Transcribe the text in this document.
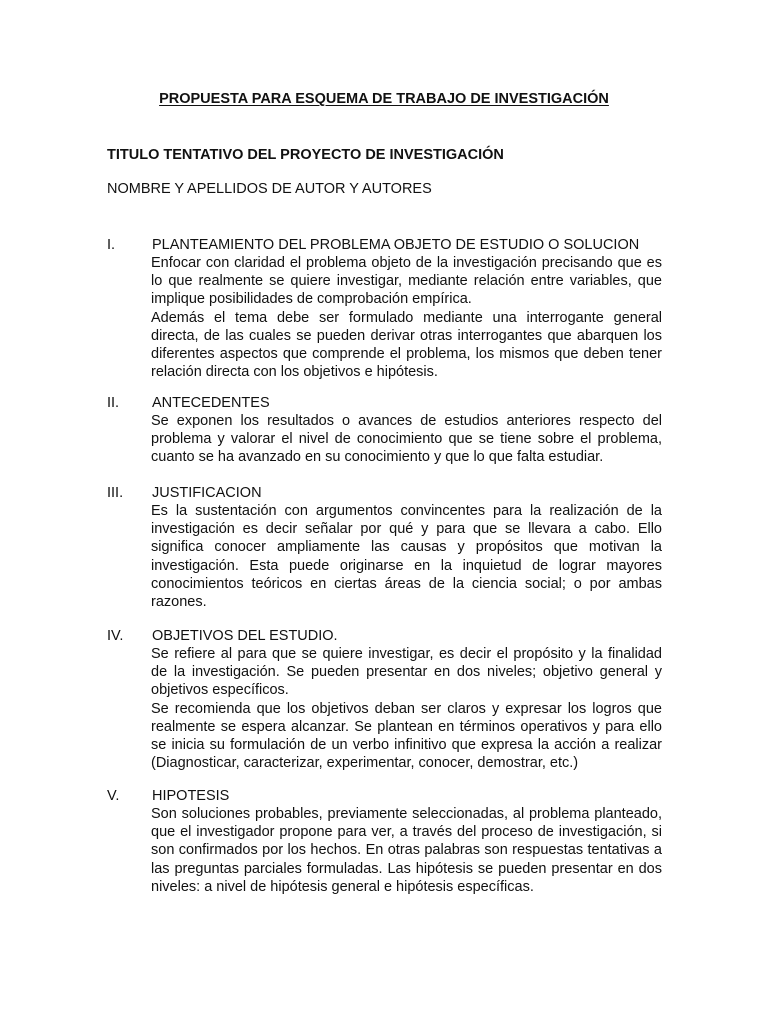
PROPUESTA PARA ESQUEMA DE TRABAJO DE INVESTIGACIÓN
TITULO TENTATIVO DEL PROYECTO DE INVESTIGACIÓN
NOMBRE Y APELLIDOS DE AUTOR Y AUTORES
I.	PLANTEAMIENTO DEL PROBLEMA OBJETO DE ESTUDIO O SOLUCION

Enfocar con claridad el problema objeto de la investigación precisando que es lo que realmente se quiere investigar, mediante relación entre variables, que implique posibilidades de comprobación empírica.

Además el tema debe ser formulado mediante una interrogante general directa, de las cuales se pueden derivar otras interrogantes que abarquen los diferentes aspectos que comprende el problema, los mismos que deben tener relación directa con los objetivos e hipótesis.

II. ANTECEDENTES

Se exponen los resultados o avances de estudios anteriores respecto del problema y valorar el nivel de conocimiento que se tiene sobre el problema, cuanto se ha avanzado en su conocimiento y que lo que falta estudiar.

III. JUSTIFICACION

Es la sustentación con argumentos convincentes para la realización de la investigación es decir señalar por qué y para que se llevara a cabo. Ello significa conocer ampliamente las causas y propósitos que motivan la investigación. Esta puede originarse en la inquietud de lograr mayores conocimientos teóricos en ciertas áreas de la ciencia social; o por ambas razones.

IV. OBJETIVOS DEL ESTUDIO.

Se refiere al para que se quiere investigar, es decir el propósito y la finalidad de la investigación. Se pueden presentar en dos niveles; objetivo general y objetivos específicos.

Se recomienda que los objetivos deban ser claros y expresar los logros que realmente se espera alcanzar. Se plantean en términos operativos y para ello se inicia su formulación de un verbo infinitivo que expresa la acción a realizar (Diagnosticar, caracterizar, experimentar, conocer, demostrar, etc.)

V. HIPOTESIS

Son soluciones probables, previamente seleccionadas, al problema planteado, que el investigador propone para ver, a través del proceso de investigación, si son confirmados por los hechos. En otras palabras son respuestas tentativas a las preguntas parciales formuladas. Las hipótesis se pueden presentar en dos niveles: a nivel de hipótesis general e hipótesis específicas.
